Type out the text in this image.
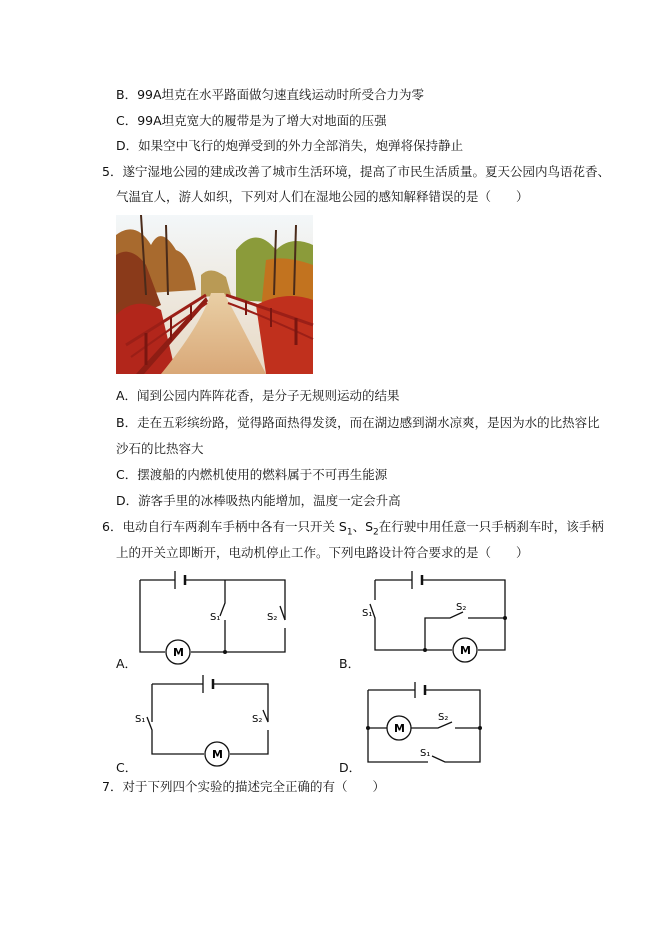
B．99A坦克在水平路面做匀速直线运动时所受合力为零
C．99A坦克宽大的履带是为了增大对地面的压强
D．如果空中飞行的炮弹受到的外力全部消失，炮弹将保持静止
5．遂宁湿地公园的建成改善了城市生活环境，提高了市民生活质量。夏天公园内鸟语花香、
气温宜人，游人如织，下列对人们在湿地公园的感知解释错误的是（　　）
A．闻到公园内阵阵花香，是分子无规则运动的结果
B．走在五彩缤纷路，觉得路面热得发烫，而在湖边感到湖水凉爽，是因为水的比热容比
沙石的比热容大
C．摆渡船的内燃机使用的燃料属于不可再生能源
D．游客手里的冰棒吸热内能增加，温度一定会升高
6．电动自行车两刹车手柄中各有一只开关 $S_1$、$S_2$在行驶中用任意一只手柄刹车时，该手柄
上的开关立即断开，电动机停止工作。下列电路设计符合要求的是（　　）
M
S₁	S₂
A．
M
S₁
S₂
B．
M
S₁	S₂
C．
M
S₂
S₁
D．
7．对于下列四个实验的描述完全正确的有（　　）
